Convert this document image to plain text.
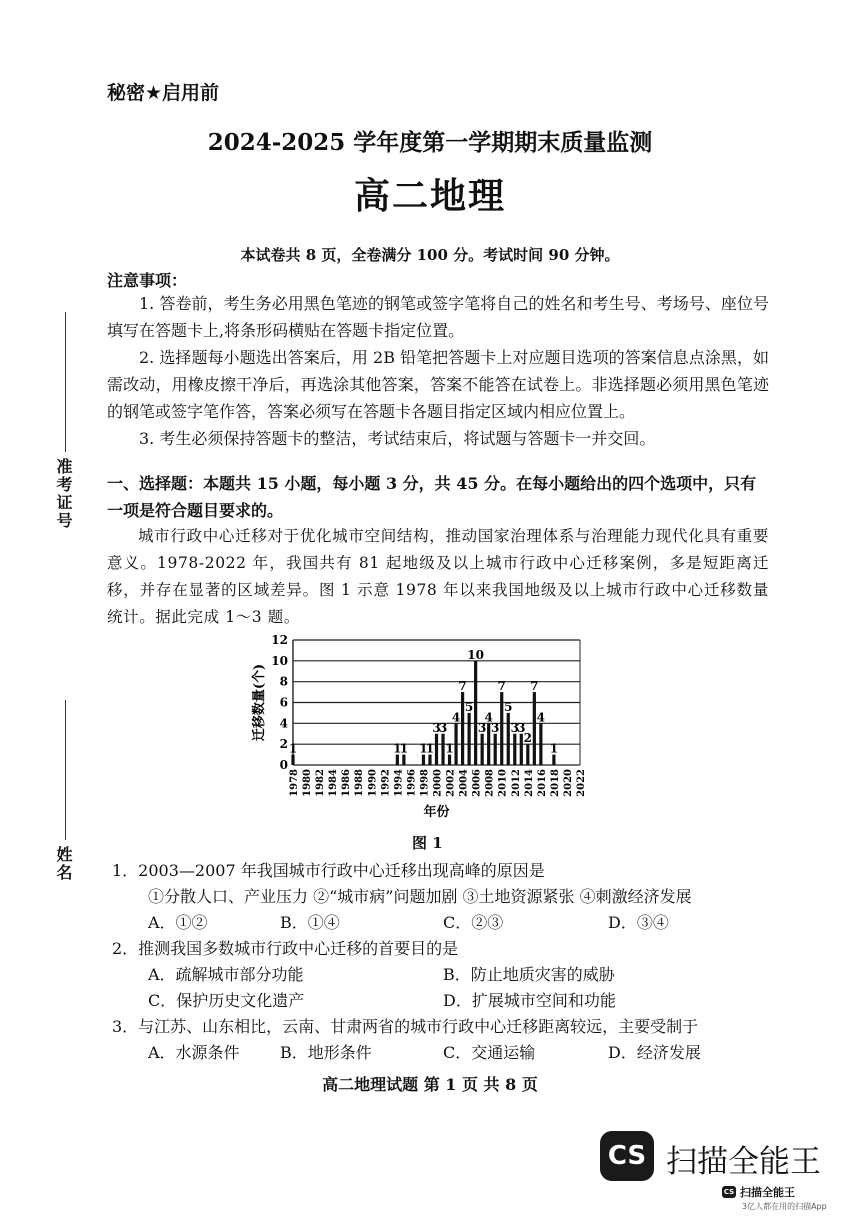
秘密★启用前
2024-2025 学年度第一学期期末质量监测
高二地理
本试卷共 8 页，全卷满分 100 分。考试时间 90 分钟。
注意事项：
1. 答卷前，考生务必用黑色笔迹的钢笔或签字笔将自己的姓名和考生号、考场号、座位号填写在答题卡上,将条形码横贴在答题卡指定位置。
2. 选择题每小题选出答案后，用 2B 铅笔把答题卡上对应题目选项的答案信息点涂黑，如需改动，用橡皮擦干净后，再选涂其他答案，答案不能答在试卷上。非选择题必须用黑色笔迹的钢笔或签字笔作答，答案必须写在答题卡各题目指定区域内相应位置上。
3. 考生必须保持答题卡的整洁，考试结束后，将试题与答题卡一并交回。
准考证号
姓名
一、选择题：本题共 15 小题，每小题 3 分，共 45 分。在每小题给出的四个选项中，只有一项是符合题目要求的。
城市行政中心迁移对于优化城市空间结构，推动国家治理体系与治理能力现代化具有重要意义。1978-2022 年，我国共有 81 起地级及以上城市行政中心迁移案例，多是短距离迁移，并存在显著的区域差异。图 1 示意 1978 年以来我国地级及以上城市行政中心迁移数量统计。据此完成 1～3 题。
0
2
4
6
8
10
12
1	1
1 1
1
3
3
1
4
7
5
10
3
4
3
7
5
3
3
2
7
4
1
1978 1980 1982 1984 1986 1988 1990 1992 1994 1996 1998 2000 2002 2004 2006 2008 2010 2012 2014 2016 2018 2020 2022
迁移数量(个)
年份
图 1
1．2003—2007 年我国城市行政中心迁移出现高峰的原因是
①分散人口、产业压力 ②“城市病”问题加剧 ③土地资源紧张 ④刺激经济发展
A．①②	B．①④	C．②③	D．③④
2．推测我国多数城市行政中心迁移的首要目的是
A．疏解城市部分功能	B．防止地质灾害的威胁
C．保护历史文化遗产	D．扩展城市空间和功能
3．与江苏、山东相比，云南、甘肃两省的城市行政中心迁移距离较远，主要受制于
A．水源条件	B．地形条件	C．交通运输	D．经济发展
高二地理试题 第 1 页 共 8 页
CS 扫描全能王
CS 扫描全能王
3亿人都在用的扫描App
